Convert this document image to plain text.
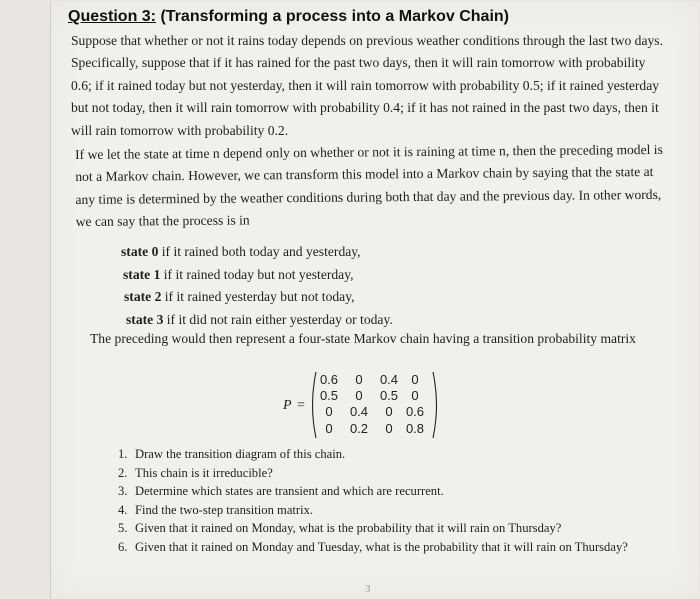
Question 3: (Transforming a process into a Markov Chain)
Suppose that whether or not it rains today depends on previous weather conditions through the last two days.
Specifically, suppose that if it has rained for the past two days, then it will rain tomorrow with probability
0.6; if it rained today but not yesterday, then it will rain tomorrow with probability 0.5; if it rained yesterday
but not today, then it will rain tomorrow with probability 0.4; if it has not rained in the past two days, then it
will rain tomorrow with probability 0.2.
If we let the state at time n depend only on whether or not it is raining at time n, then the preceding model is
not a Markov chain. However, we can transform this model into a Markov chain by saying that the state at
any time is determined by the weather conditions during both that day and the previous day. In other words,
we can say that the process is in
state 0 if it rained both today and yesterday,
state 1 if it rained today but not yesterday,
state 2 if it rained yesterday but not today,
state 3 if it did not rain either yesterday or today.
The preceding would then represent a four-state Markov chain having a transition probability matrix
P =
0.6	0	0.4	0
0.5	0	0.5	0
0	0.4	0	0.6
0	0.2	0	0.8
1. Draw the transition diagram of this chain.
2. This chain is it irreducible?
3. Determine which states are transient and which are recurrent.
4. Find the two-step transition matrix.
5. Given that it rained on Monday, what is the probability that it will rain on Thursday?
6. Given that it rained on Monday and Tuesday, what is the probability that it will rain on Thursday?
3
